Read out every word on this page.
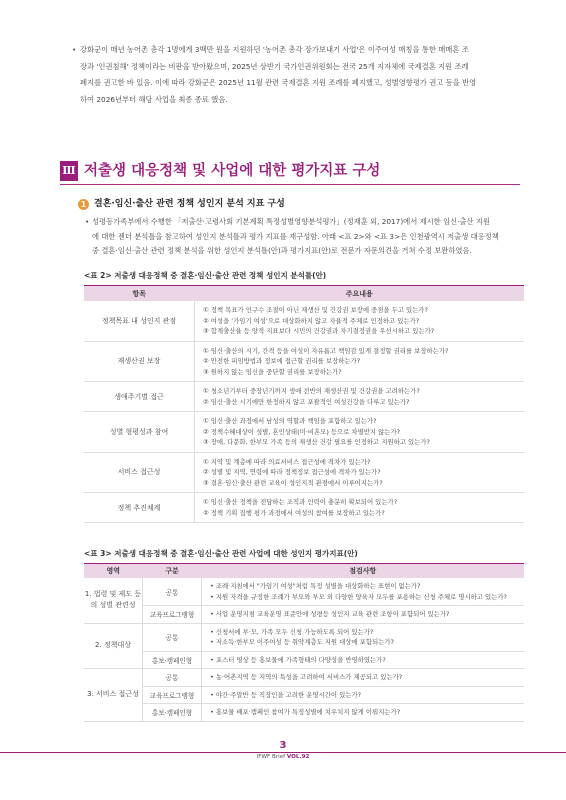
• 강화군이 매년 농어촌 총각 1명에게 3백만 원을 지원하던 '농어촌 총각 장가보내기 사업'은 이주여성 매칭을 통한 매매혼 조
장과 '인권침해' 정책이라는 비판을 받아왔으며, 2025년 상반기 국가인권위원회는 전국 25개 지자체에 국제결혼 지원 조례
폐지를 권고한 바 있음. 이에 따라 강화군은 2025년 11월 관련 국제결혼 지원 조례를 폐지했고, 성별영향평가 권고 등을 반영
하여 2026년부터 해당 사업을 최종 종료 했음.
Ⅲ 저출생 대응정책 및 사업에 대한 평가지표 구성
1 결혼·임신·출산 관련 정책 성인지 분석 지표 구성
• 성평등가족부에서 수행한 「저출산·고령사회 기본계획 특정성별영향분석평가」(정재훈 외, 2017)에서 제시한 임신·출산 지원
에 대한 젠더 분석틀을 참고하여 성인지 분석틀과 평가 지표를 재구성함. 아래 <표 2>와 <표 3>은 인천광역시 저출생 대응정책
중 결혼·임신·출산 관련 정책 분석을 위한 성인지 분석틀(안)과 평가지표(안)로 전문가 자문의견을 거쳐 수정 보완하였음.
<표 2> 저출생 대응정책 중 결혼·임신·출산 관련 정책 성인지 분석틀(안)
항목	주요내용
정책목표 내 성인지 관점	① 정책 목표가 인구수 조절이 아닌 재생산 및 건강권 보장에 중점을 두고 있는가?
② 여성을 '가임기 여성'으로 대상화하지 않고 자율적 주체로 인정하고 있는가?
③ 합계출산율 등 양적 지표보다 시민의 건강권과 자기결정권을 우선시하고 있는가?

재생산권 보장	① 임신·출산의 시기, 간격 등을 여성이 자유롭고 책임감 있게 결정할 권리를 보장하는가?
② 안전한 피임방법과 정보에 접근할 권리를 보장하는가?
③ 원하지 않는 임신을 중단할 권리를 보장하는가?

생애주기별 접근	① 청소년기부터 중장년기까지 생애 전반의 재생산권 및 건강권을 고려하는가?
② 임신·출산 시기에만 한정하지 않고 포괄적인 여성건강을 다루고 있는가?

성별 형평성과 참여	① 임신·출산 과정에서 남성의 역할과 책임을 포함하고 있는가?
② 정책수혜대상이 성별, 혼인상태(미·비혼모) 등으로 차별받지 않는가?
③ 장애, 다문화, 한부모 가족 등의 재생산 건강 필요를 인정하고 지원하고 있는가?

서비스 접근성	① 지역 및 계층에 따라 의료서비스 접근성에 격차가 있는가?
② 성별 및 지역, 연령에 따라 정책정보 접근성에 격차가 있는가?
③ 결혼·임신·출산 관련 교육이 성인지적 관점에서 이루어지는가?

정책 추진체계	① 임신·출산 정책을 전담하는 조직과 인력이 충분히 확보되어 있는가?
② 정책 기획 집행 평가 과정에서 여성의 참여를 보장하고 있는가?
<표 3> 저출생 대응정책 중 결혼·임신·출산 관련 사업에 대한 성인지 평가지표(안)
영역	구분	점검사항
1. 법령 및 제도 등의 성별 관련성	공통	• 조례·지침에서 "가임기 여성"처럼 특정 성별을 대상화하는 표현이 없는가?
• 지원 자격을 규정한 조례가 부모와 부모 외 다양한 양육자 모두를 포용하는 신청 주체로 명시하고 있는가?

	교육프로그램형	• 사업 운영지침 교육운영 표준안에 성평등 성인지 교육 관련 조항이 포함되어 있는가?

2. 정책대상	공통	• 신청서에 부·모, 가족 모두 신청 가능하도록 되어 있는가?
• 저소득·한부모 이주여성 등 취약계층도 지원 대상에 포함되는가?

	홍보·캠페인형	• 포스터 영상 등 홍보물에 가족형태의 다양성을 반영하였는가?

3. 서비스 접근성	공통	• 농·어촌지역 등 지역의 특성을 고려하여 서비스가 제공되고 있는가?

	교육프로그램형	• 야간·주말반 등 직장인을 고려한 운영시간이 있는가?

	홍보·캠페인형	• 홍보물 배포·캠페인 참여가 특정성별에 치우치지 않게 이뤄지는가?
3
IFWF Brief VOL.92
